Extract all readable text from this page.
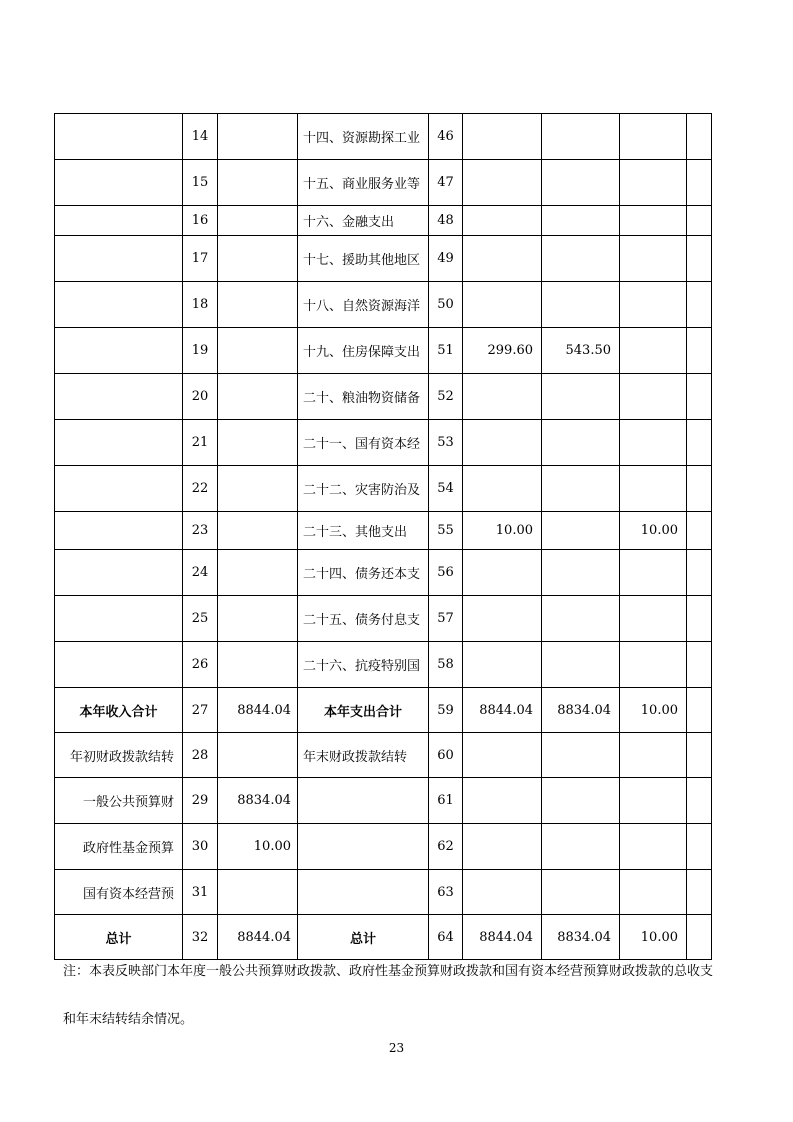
	14		十四、资源勘探工业	46				
	15		十五、商业服务业等	47				
	16		十六、金融支出	48				
	17		十七、援助其他地区	49				
	18		十八、自然资源海洋	50				
	19		十九、住房保障支出	51	299.60	543.50		
	20		二十、粮油物资储备	52				
	21		二十一、国有资本经	53				
	22		二十二、灾害防治及	54				
	23		二十三、其他支出	55	10.00		10.00	
	24		二十四、债务还本支	56				
	25		二十五、债务付息支	57				
	26		二十六、抗疫特别国	58				
本年收入合计	27	8844.04	本年支出合计	59	8844.04	8834.04	10.00	
年初财政拨款结转	28		年末财政拨款结转	60				
一般公共预算财	29	8834.04		61				
政府性基金预算	30	10.00		62				
国有资本经营预	31			63				
总计	32	8844.04	总计	64	8844.04	8834.04	10.00	
注：本表反映部门本年度一般公共预算财政拨款、政府性基金预算财政拨款和国有资本经营预算财政拨款的总收支和年末结转结余情况。
23
